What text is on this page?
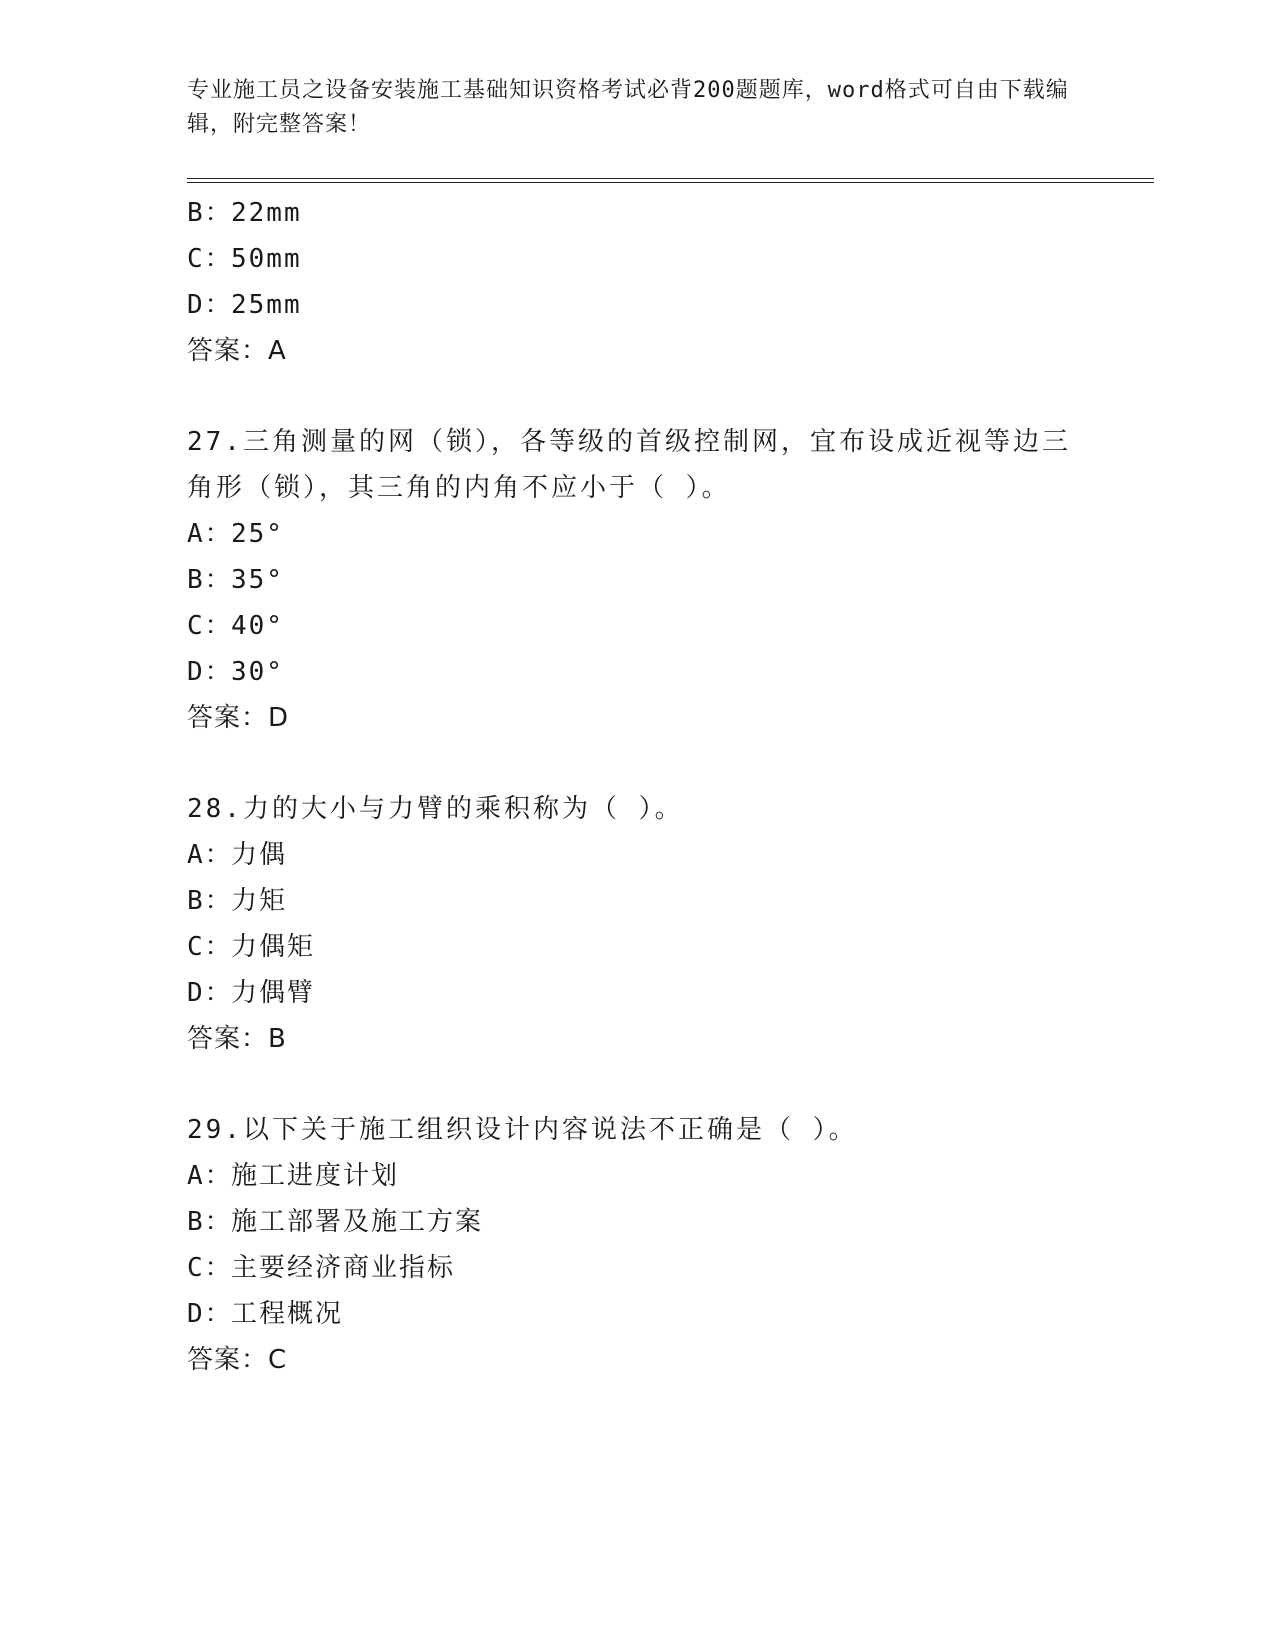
专业施工员之设备安装施工基础知识资格考试必背200题题库，word格式可自由下载编辑，附完整答案！
B：22mm
C：50mm
D：25mm
答案：A
27.三角测量的网（锁），各等级的首级控制网，宜布设成近视等边三角形（锁），其三角的内角不应小于（ ）。
A：25°
B：35°
C：40°
D：30°
答案：D
28.力的大小与力臂的乘积称为（ ）。
A：力偶
B：力矩
C：力偶矩
D：力偶臂
答案：B
29.以下关于施工组织设计内容说法不正确是（ ）。
A：施工进度计划
B：施工部署及施工方案
C：主要经济商业指标
D：工程概况
答案：C
